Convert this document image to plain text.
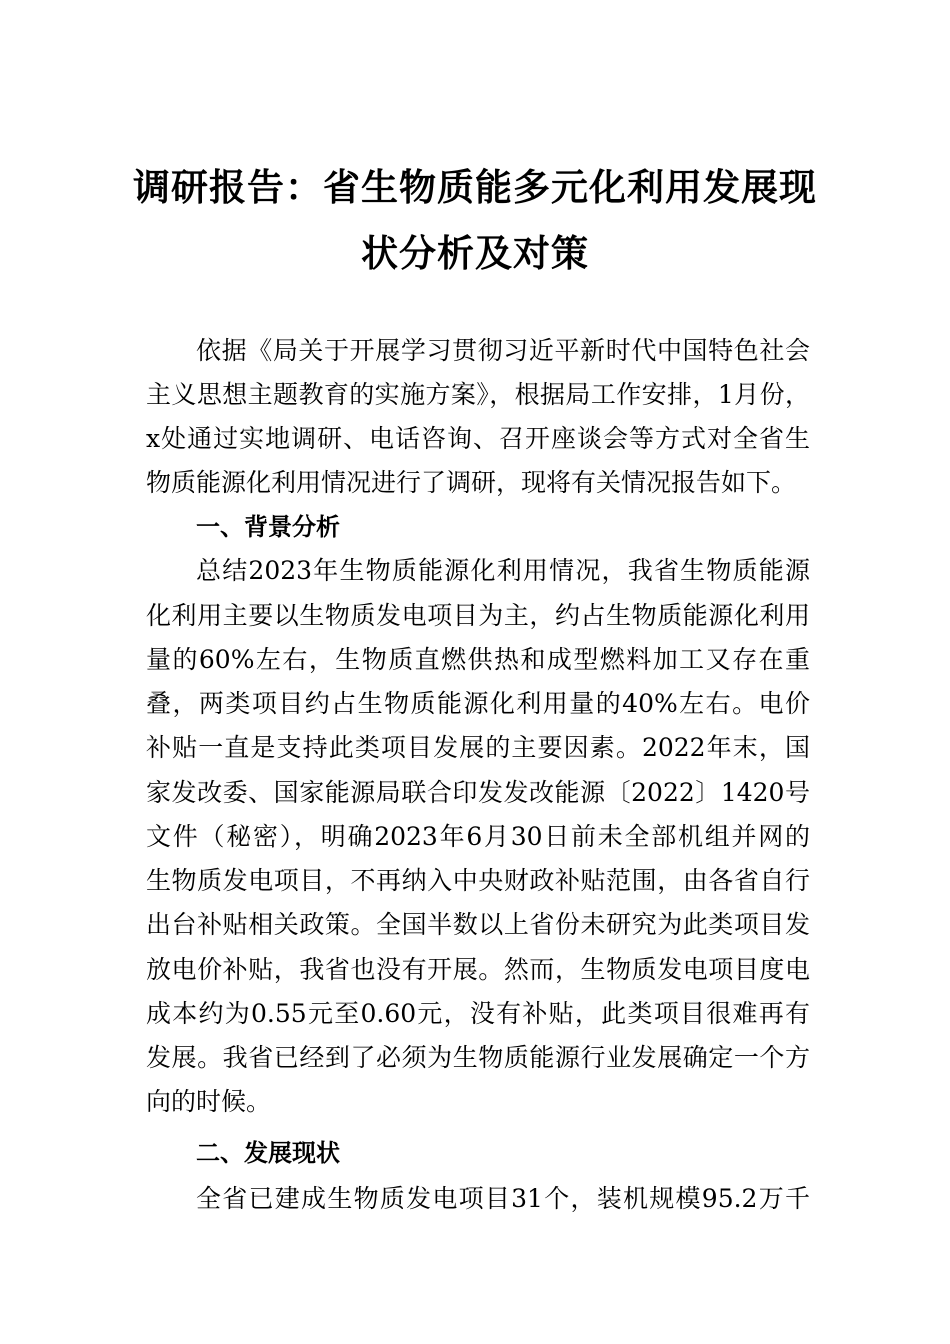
调研报告：省生物质能多元化利用发展现
状分析及对策
依据《局关于开展学习贯彻习近平新时代中国特色社会
主义思想主题教育的实施方案》，根据局工作安排，1月份，
x处通过实地调研、电话咨询、召开座谈会等方式对全省生
物质能源化利用情况进行了调研，现将有关情况报告如下。
一、背景分析
总结2023年生物质能源化利用情况，我省生物质能源
化利用主要以生物质发电项目为主，约占生物质能源化利用
量的60%左右，生物质直燃供热和成型燃料加工又存在重
叠，两类项目约占生物质能源化利用量的40%左右。电价
补贴一直是支持此类项目发展的主要因素。2022年末，国
家发改委、国家能源局联合印发发改能源〔2022〕1420号
文件（秘密），明确2023年6月30日前未全部机组并网的
生物质发电项目，不再纳入中央财政补贴范围，由各省自行
出台补贴相关政策。全国半数以上省份未研究为此类项目发
放电价补贴，我省也没有开展。然而，生物质发电项目度电
成本约为0.55元至0.60元，没有补贴，此类项目很难再有
发展。我省已经到了必须为生物质能源行业发展确定一个方
向的时候。
二、发展现状
全省已建成生物质发电项目31个，装机规模95.2万千
